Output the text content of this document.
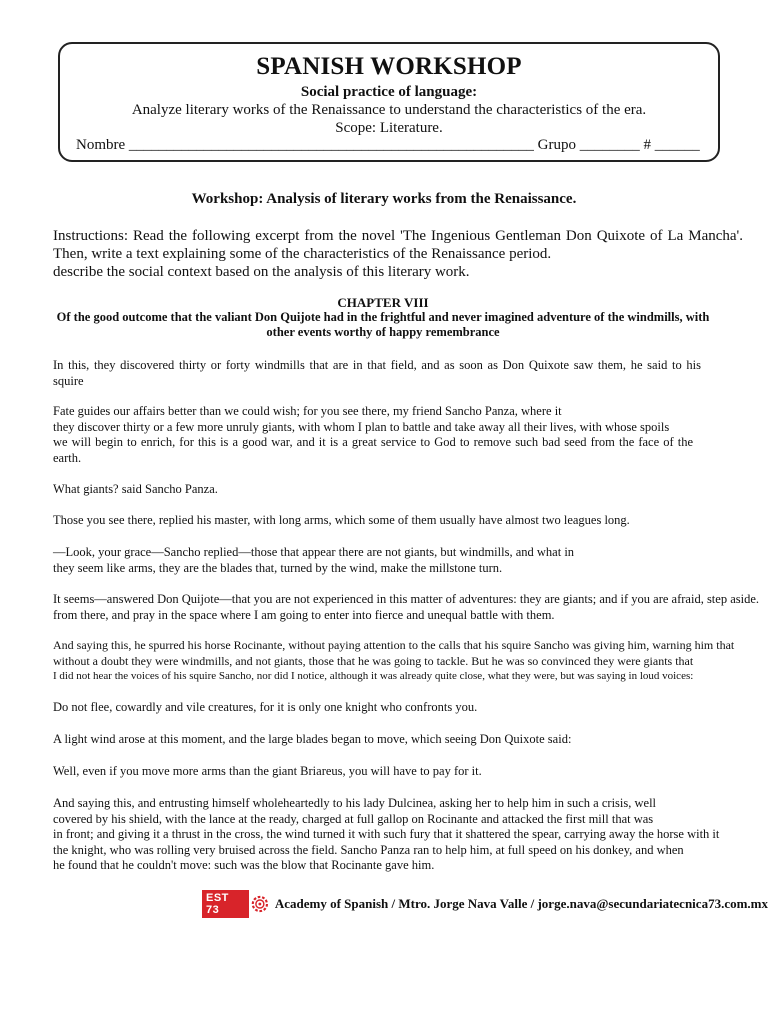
SPANISH WORKSHOP
Social practice of language:
Analyze literary works of the Renaissance to understand the characteristics of the era.
Scope: Literature.
Nombre ______________________________________________________ Grupo ________ # ______
Workshop: Analysis of literary works from the Renaissance.

Instructions: Read the following excerpt from the novel 'The Ingenious Gentleman Don Quixote of La Mancha'. Then, write a text explaining some of the characteristics of the Renaissance period.

describe the social context based on the analysis of this literary work.

CHAPTER VIII
Of the good outcome that the valiant Don Quijote had in the frightful and never imagined adventure of the windmills, with
other events worthy of happy remembrance
In this, they discovered thirty or forty windmills that are in that field, and as soon as Don Quixote saw them, he said to his
squire
Fate guides our affairs better than we could wish; for you see there, my friend Sancho Panza, where it
they discover thirty or a few more unruly giants, with whom I plan to battle and take away all their lives, with whose spoils
we will begin to enrich, for this is a good war, and it is a great service to God to remove such bad seed from the face of the
earth.
What giants? said Sancho Panza.
Those you see there, replied his master, with long arms, which some of them usually have almost two leagues long.
—Look, your grace—Sancho replied—those that appear there are not giants, but windmills, and what in
they seem like arms, they are the blades that, turned by the wind, make the millstone turn.
It seems—answered Don Quijote—that you are not experienced in this matter of adventures: they are giants; and if you are afraid, step aside.
from there, and pray in the space where I am going to enter into fierce and unequal battle with them.
And saying this, he spurred his horse Rocinante, without paying attention to the calls that his squire Sancho was giving him, warning him that
without a doubt they were windmills, and not giants, those that he was going to tackle. But he was so convinced they were giants that
I did not hear the voices of his squire Sancho, nor did I notice, although it was already quite close, what they were, but was saying in loud voices:
Do not flee, cowardly and vile creatures, for it is only one knight who confronts you.
A light wind arose at this moment, and the large blades began to move, which seeing Don Quixote said:
Well, even if you move more arms than the giant Briareus, you will have to pay for it.
And saying this, and entrusting himself wholeheartedly to his lady Dulcinea, asking her to help him in such a crisis, well
covered by his shield, with the lance at the ready, charged at full gallop on Rocinante and attacked the first mill that was
in front; and giving it a thrust in the cross, the wind turned it with such fury that it shattered the spear, carrying away the horse with it
the knight, who was rolling very bruised across the field. Sancho Panza ran to help him, at full speed on his donkey, and when
he found that he couldn't move: such was the blow that Rocinante gave him.
EST 73	Academy of Spanish / Mtro. Jorge Nava Valle / jorge.nava@secundariatecnica73.com.mx
